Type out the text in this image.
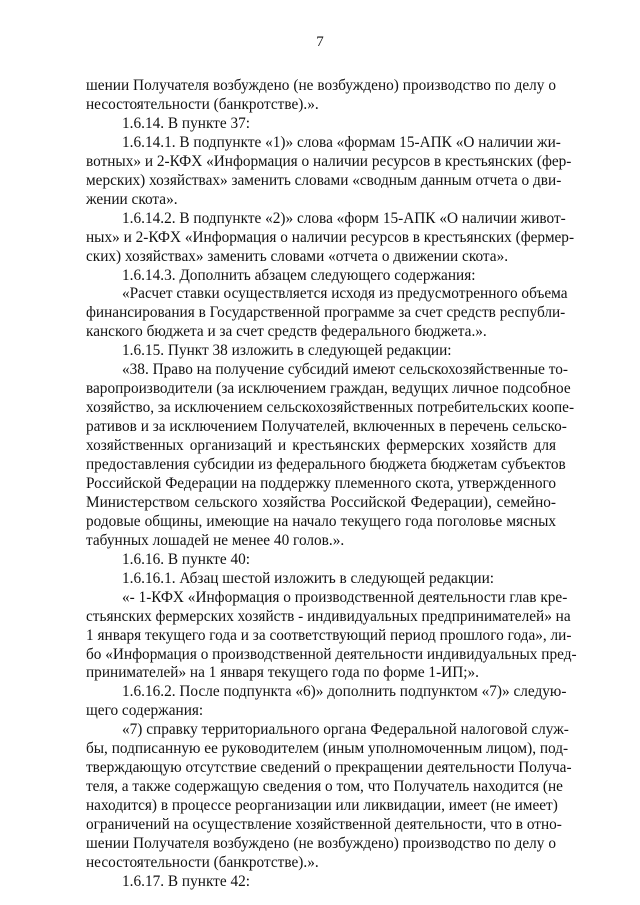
7
шении Получателя возбуждено (не возбуждено) производство по делу о
несостоятельности (банкротстве).».
1.6.14. В пункте 37:
1.6.14.1. В подпункте «1)» слова «формам 15-АПК «О наличии жи-
вотных» и 2-КФХ «Информация о наличии ресурсов в крестьянских (фер-
мерских) хозяйствах» заменить словами «сводным данным отчета о дви-
жении скота».
1.6.14.2. В подпункте «2)» слова «форм 15-АПК «О наличии живот-
ных» и 2-КФХ «Информация о наличии ресурсов в крестьянских (фермер-
ских) хозяйствах» заменить словами «отчета о движении скота».
1.6.14.3. Дополнить абзацем следующего содержания:
«Расчет ставки осуществляется исходя из предусмотренного объема
финансирования в Государственной программе за счет средств республи-
канского бюджета и за счет средств федерального бюджета.».
1.6.15. Пункт 38 изложить в следующей редакции:
«38. Право на получение субсидий имеют сельскохозяйственные то-
варопроизводители (за исключением граждан, ведущих личное подсобное
хозяйство, за исключением сельскохозяйственных потребительских коопе-
ративов и за исключением Получателей, включенных в перечень сельско-
хозяйственных организаций и крестьянских фермерских хозяйств для
предоставления субсидии из федерального бюджета бюджетам субъектов
Российской Федерации на поддержку племенного скота, утвержденного
Министерством сельского хозяйства Российской Федерации), семейно-
родовые общины, имеющие на начало текущего года поголовье мясных
табунных лошадей не менее 40 голов.».
1.6.16. В пункте 40:
1.6.16.1. Абзац шестой изложить в следующей редакции:
«- 1-КФХ «Информация о производственной деятельности глав кре-
стьянских фермерских хозяйств - индивидуальных предпринимателей» на
1 января текущего года и за соответствующий период прошлого года», ли-
бо «Информация о производственной деятельности индивидуальных пред-
принимателей» на 1 января текущего года по форме 1-ИП;».
1.6.16.2. После подпункта «6)» дополнить подпунктом «7)» следую-
щего содержания:
«7) справку территориального органа Федеральной налоговой служ-
бы, подписанную ее руководителем (иным уполномоченным лицом), под-
тверждающую отсутствие сведений о прекращении деятельности Получа-
теля, а также содержащую сведения о том, что Получатель находится (не
находится) в процессе реорганизации или ликвидации, имеет (не имеет)
ограничений на осуществление хозяйственной деятельности, что в отно-
шении Получателя возбуждено (не возбуждено) производство по делу о
несостоятельности (банкротстве).».
1.6.17. В пункте 42:
